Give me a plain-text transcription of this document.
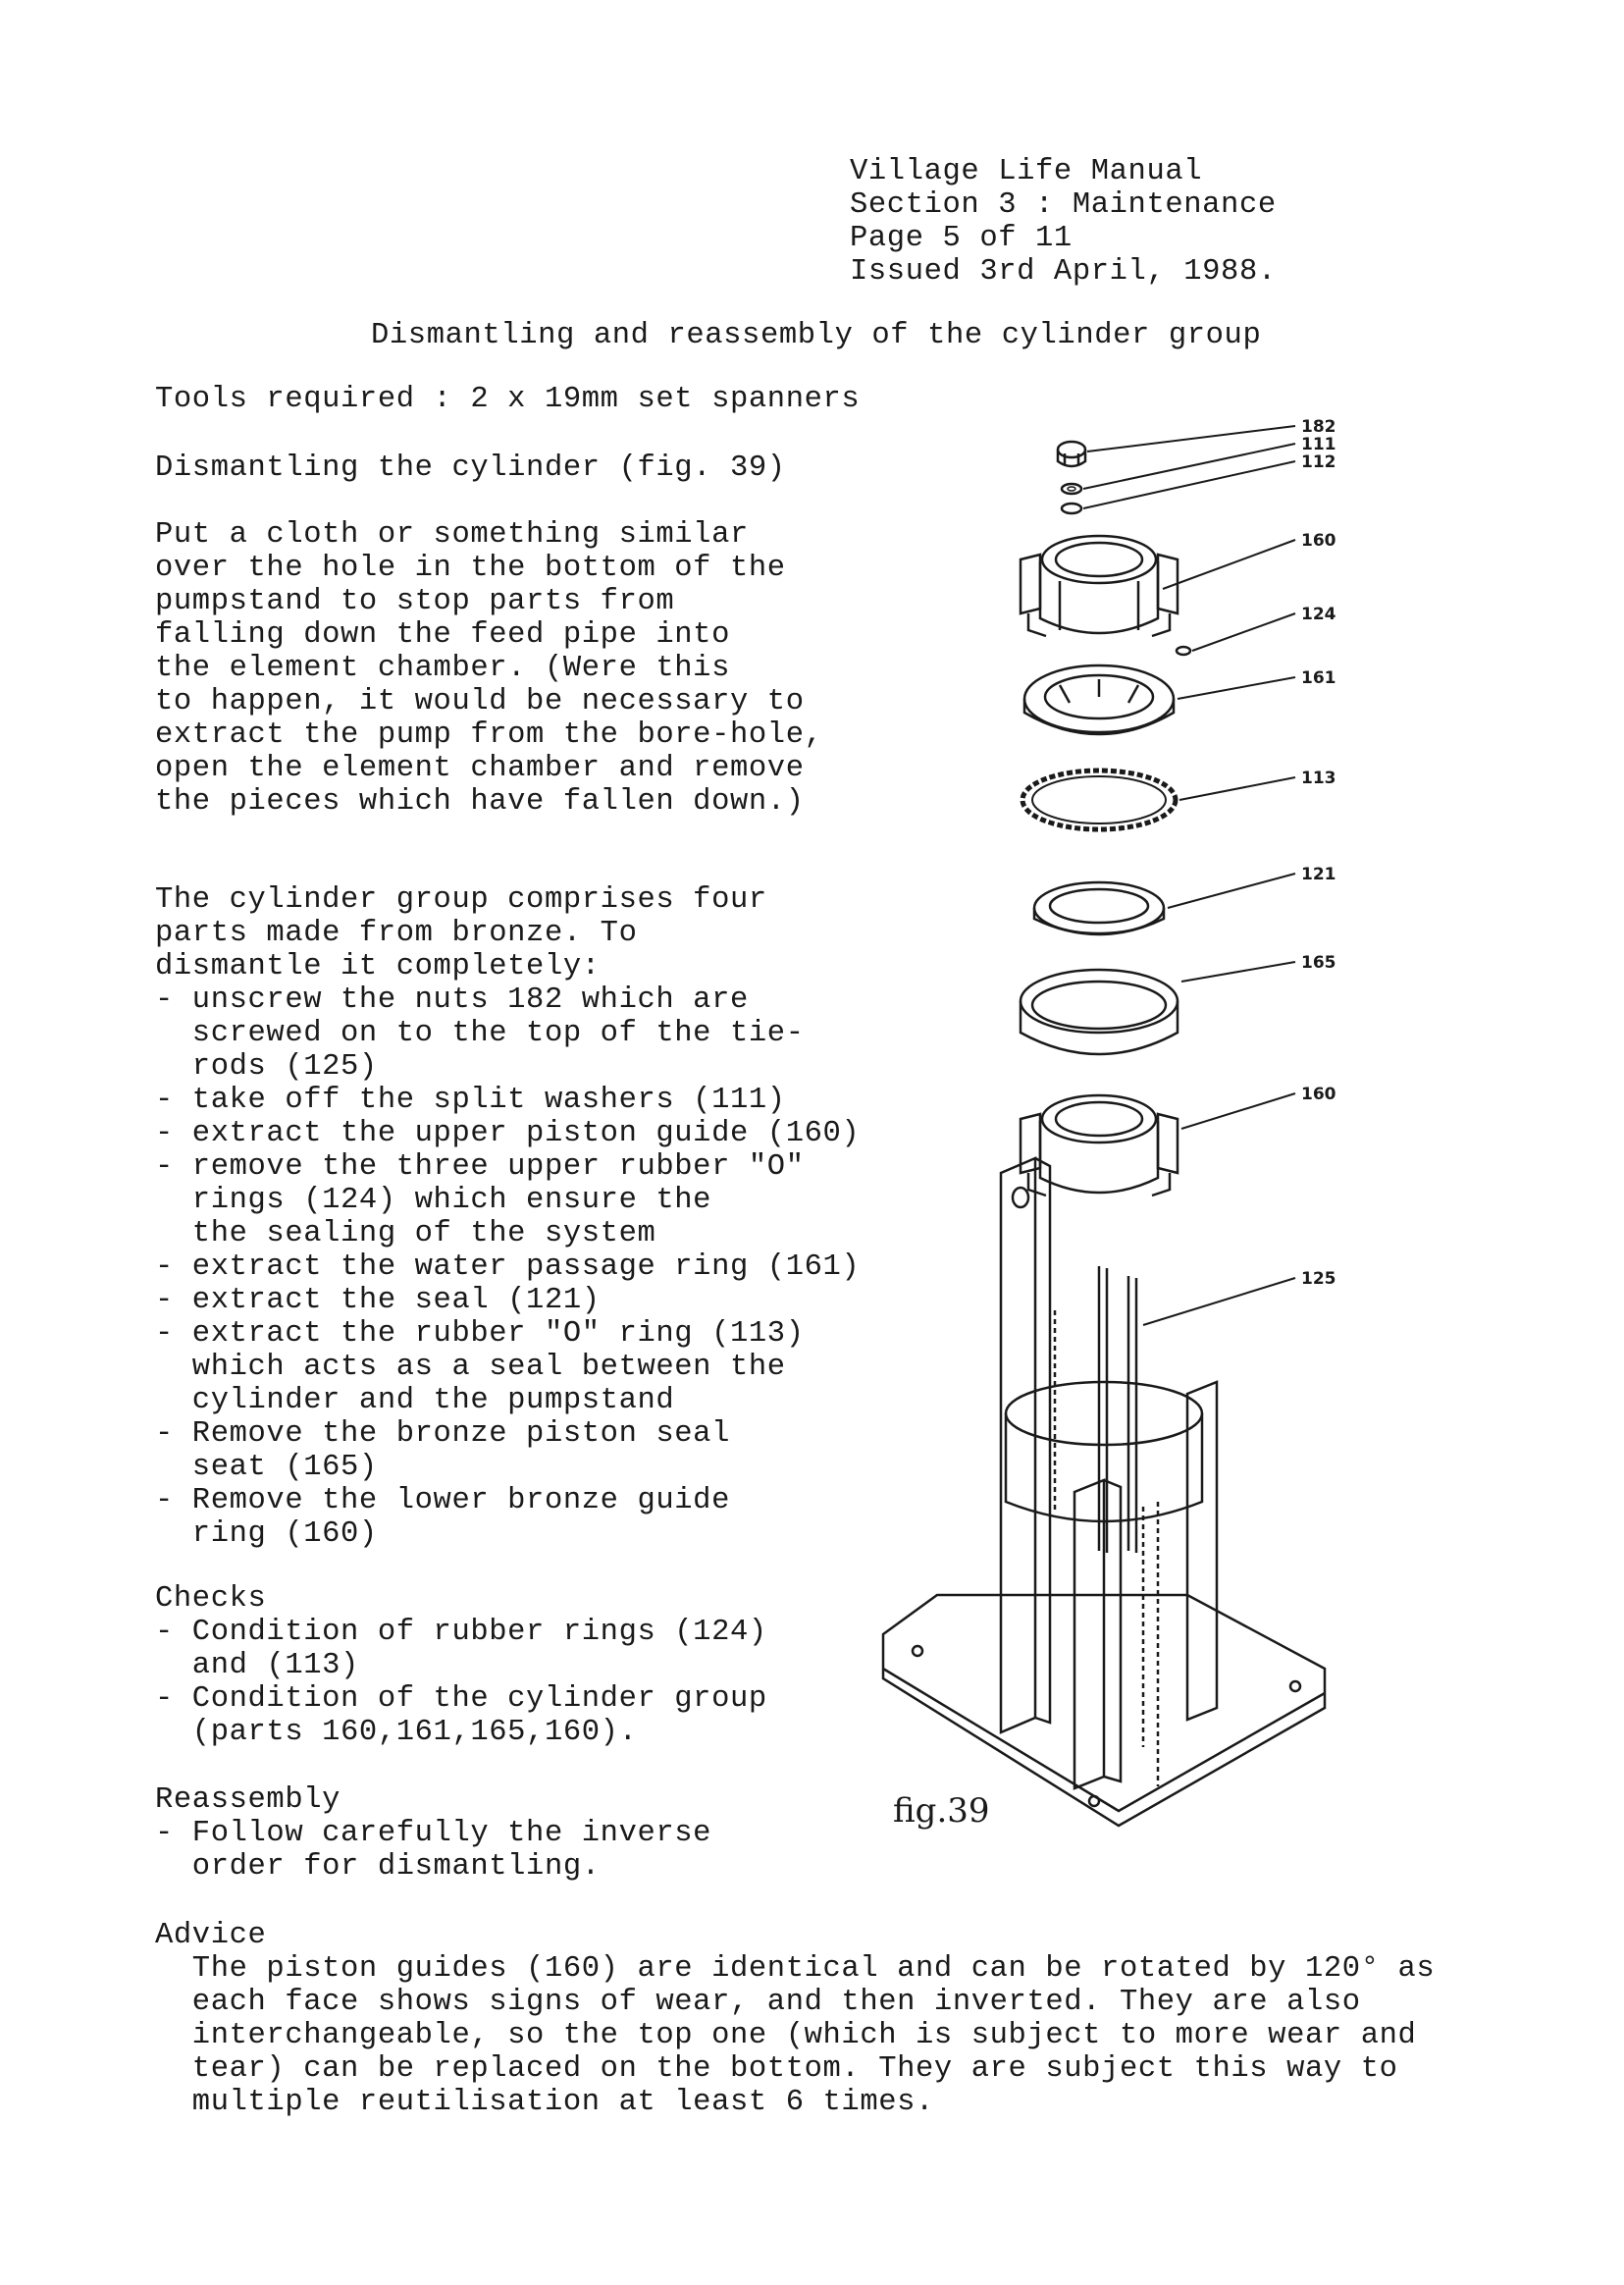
Village Life Manual
Section 3 : Maintenance
Page 5 of 11
Issued 3rd April, 1988.
Dismantling and reassembly of the cylinder group
Tools required : 2 x 19mm set spanners
Dismantling the cylinder (fig. 39)
Put a cloth or something similar
over the hole in the bottom of the
pumpstand to stop parts from
falling down the feed pipe into
the element chamber. (Were this
to happen, it would be necessary to
extract the pump from the bore-hole,
open the element chamber and remove
the pieces which have fallen down.)
The cylinder group comprises four
parts made from bronze. To
dismantle it completely:
- unscrew the nuts 182 which are
screwed on to the top of the tie-
rods (125)
- take off the split washers (111)
- extract the upper piston guide (160)
- remove the three upper rubber "O"
rings (124) which ensure the
the sealing of the system
- extract the water passage ring (161)
- extract the seal (121)
- extract the rubber "O" ring (113)
which acts as a seal between the
cylinder and the pumpstand
- Remove the bronze piston seal
seat (165)
- Remove the lower bronze guide
ring (160)
Checks
- Condition of rubber rings (124)
and (113)
- Condition of the cylinder group
(parts 160,161,165,160).
Reassembly
- Follow carefully the inverse
order for dismantling.
Advice
The piston guides (160) are identical and can be rotated by 120° as
each face shows signs of wear, and then inverted. They are also
interchangeable, so the top one (which is subject to more wear and
tear) can be replaced on the bottom. They are subject this way to
multiple reutilisation at least 6 times.
182
111
112
160
124
161
113
121
165
160
125
fig.39
